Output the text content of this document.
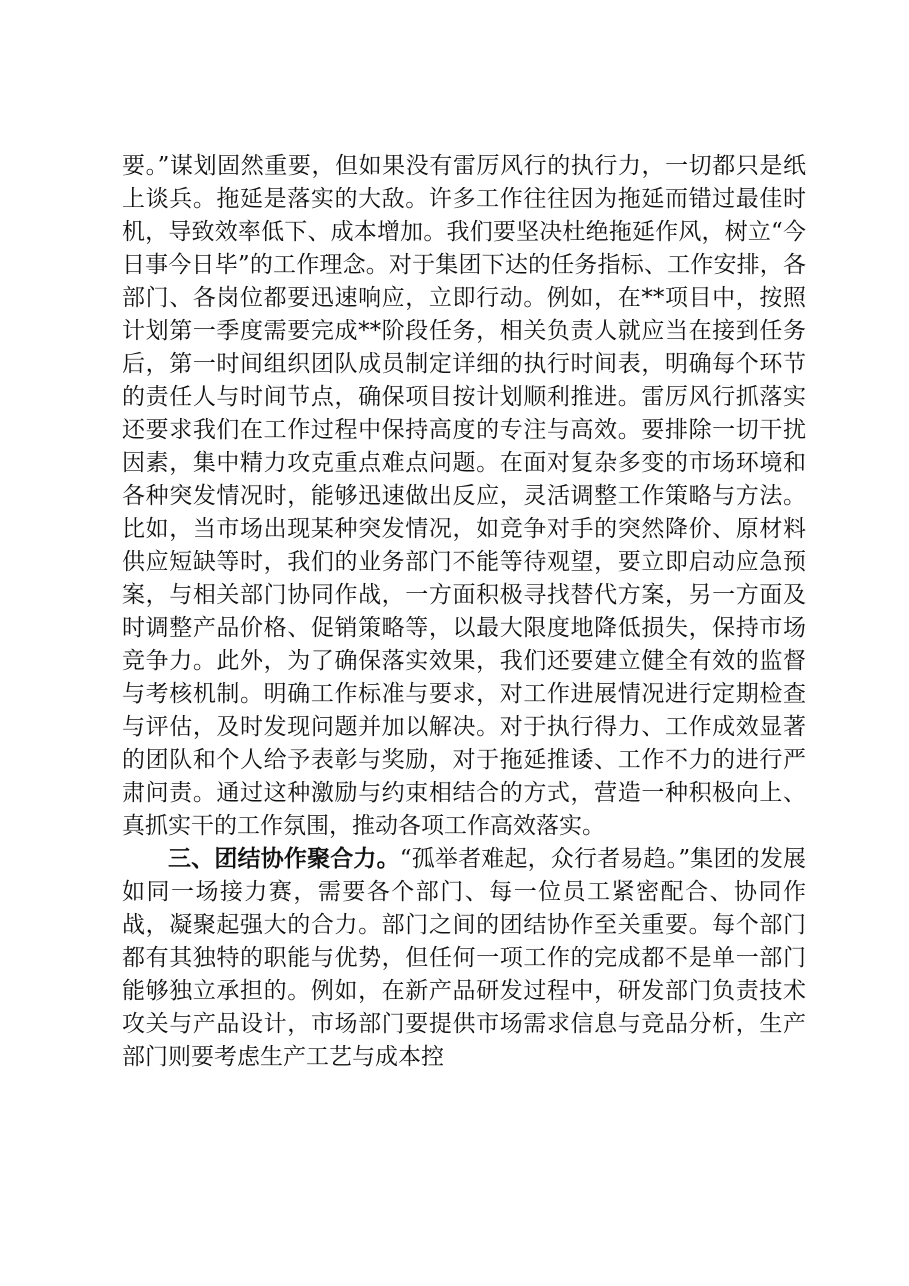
要。”谋划固然重要，但如果没有雷厉风行的执行力，一切都只是纸上谈兵。拖延是落实的大敌。许多工作往往因为拖延而错过最佳时机，导致效率低下、成本增加。我们要坚决杜绝拖延作风，树立“今日事今日毕”的工作理念。对于集团下达的任务指标、工作安排，各部门、各岗位都要迅速响应，立即行动。例如，在**项目中，按照计划第一季度需要完成**阶段任务，相关负责人就应当在接到任务后，第一时间组织团队成员制定详细的执行时间表，明确每个环节的责任人与时间节点，确保项目按计划顺利推进。雷厉风行抓落实还要求我们在工作过程中保持高度的专注与高效。要排除一切干扰因素，集中精力攻克重点难点问题。在面对复杂多变的市场环境和各种突发情况时，能够迅速做出反应，灵活调整工作策略与方法。比如，当市场出现某种突发情况，如竞争对手的突然降价、原材料供应短缺等时，我们的业务部门不能等待观望，要立即启动应急预案，与相关部门协同作战，一方面积极寻找替代方案，另一方面及时调整产品价格、促销策略等，以最大限度地降低损失，保持市场竞争力。此外，为了确保落实效果，我们还要建立健全有效的监督与考核机制。明确工作标准与要求，对工作进展情况进行定期检查与评估，及时发现问题并加以解决。对于执行得力、工作成效显著的团队和个人给予表彰与奖励，对于拖延推诿、工作不力的进行严肃问责。通过这种激励与约束相结合的方式，营造一种积极向上、真抓实干的工作氛围，推动各项工作高效落实。

三、团结协作聚合力。“孤举者难起，众行者易趋。”集团的发展如同一场接力赛，需要各个部门、每一位员工紧密配合、协同作战，凝聚起强大的合力。部门之间的团结协作至关重要。每个部门都有其独特的职能与优势，但任何一项工作的完成都不是单一部门能够独立承担的。例如，在新产品研发过程中，研发部门负责技术攻关与产品设计，市场部门要提供市场需求信息与竞品分析，生产部门则要考虑生产工艺与成本控
